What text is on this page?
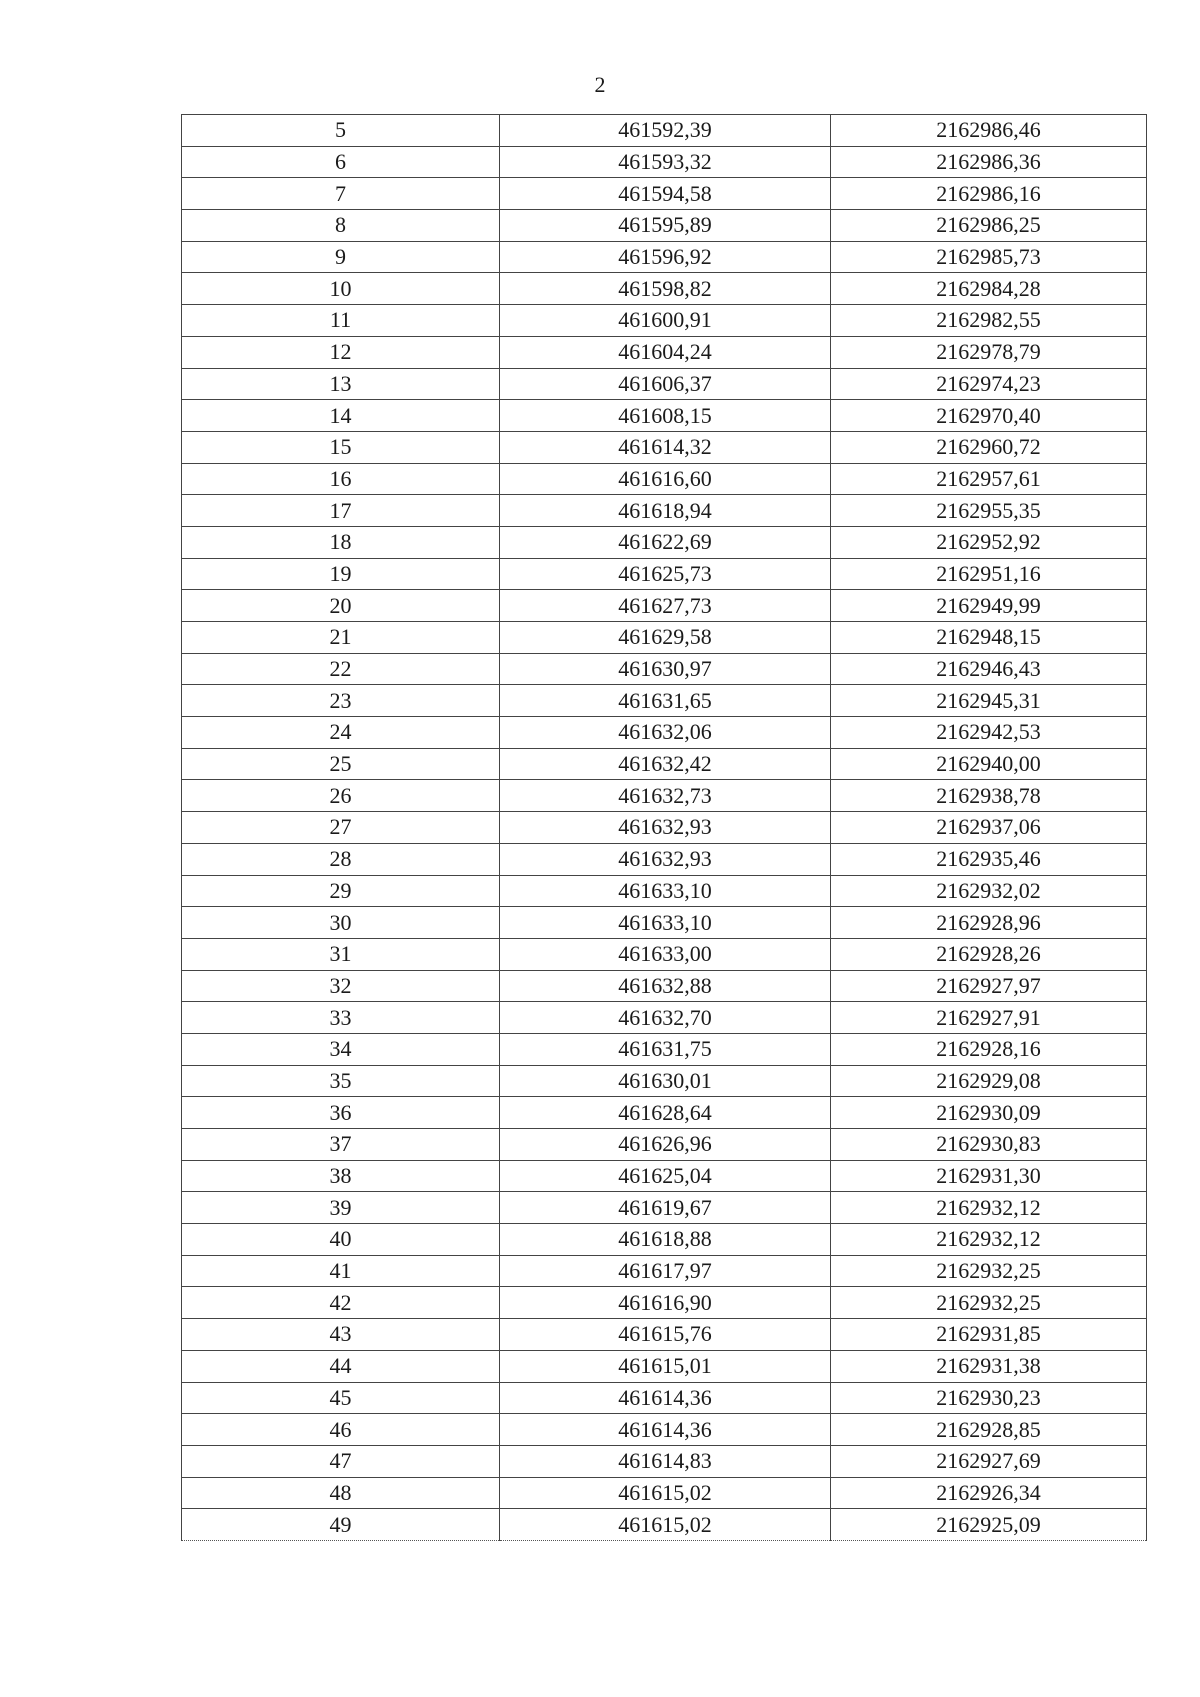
2
5	461592,39	2162986,46
6	461593,32	2162986,36
7	461594,58	2162986,16
8	461595,89	2162986,25
9	461596,92	2162985,73
10	461598,82	2162984,28
11	461600,91	2162982,55
12	461604,24	2162978,79
13	461606,37	2162974,23
14	461608,15	2162970,40
15	461614,32	2162960,72
16	461616,60	2162957,61
17	461618,94	2162955,35
18	461622,69	2162952,92
19	461625,73	2162951,16
20	461627,73	2162949,99
21	461629,58	2162948,15
22	461630,97	2162946,43
23	461631,65	2162945,31
24	461632,06	2162942,53
25	461632,42	2162940,00
26	461632,73	2162938,78
27	461632,93	2162937,06
28	461632,93	2162935,46
29	461633,10	2162932,02
30	461633,10	2162928,96
31	461633,00	2162928,26
32	461632,88	2162927,97
33	461632,70	2162927,91
34	461631,75	2162928,16
35	461630,01	2162929,08
36	461628,64	2162930,09
37	461626,96	2162930,83
38	461625,04	2162931,30
39	461619,67	2162932,12
40	461618,88	2162932,12
41	461617,97	2162932,25
42	461616,90	2162932,25
43	461615,76	2162931,85
44	461615,01	2162931,38
45	461614,36	2162930,23
46	461614,36	2162928,85
47	461614,83	2162927,69
48	461615,02	2162926,34
49	461615,02	2162925,09
